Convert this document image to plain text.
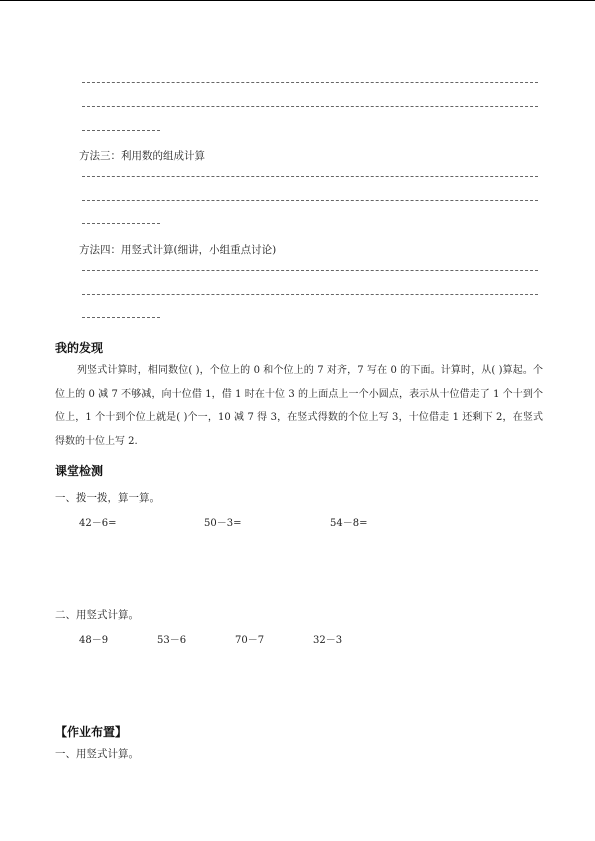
方法三：利用数的组成计算
方法四：用竖式计算(细讲，小组重点讨论)
我的发现
列竖式计算时，相同数位( )，个位上的 0 和个位上的 7 对齐，7 写在 0 的下面。计算时，从( )算起。个位上的 0 减 7 不够减，向十位借 1，借 1 时在十位 3 的上面点上一个小圆点，表示从十位借走了 1 个十到个位上，1 个十到个位上就是( )个一，10 减 7 得 3，在竖式得数的个位上写 3，十位借走 1 还剩下 2，在竖式得数的十位上写 2.
课堂检测
一、拨一拨，算一算。
42－6=	50－3=	54－8=
二、用竖式计算。
48－9	53－6	70－7	32－3
【作业布置】
一、用竖式计算。
